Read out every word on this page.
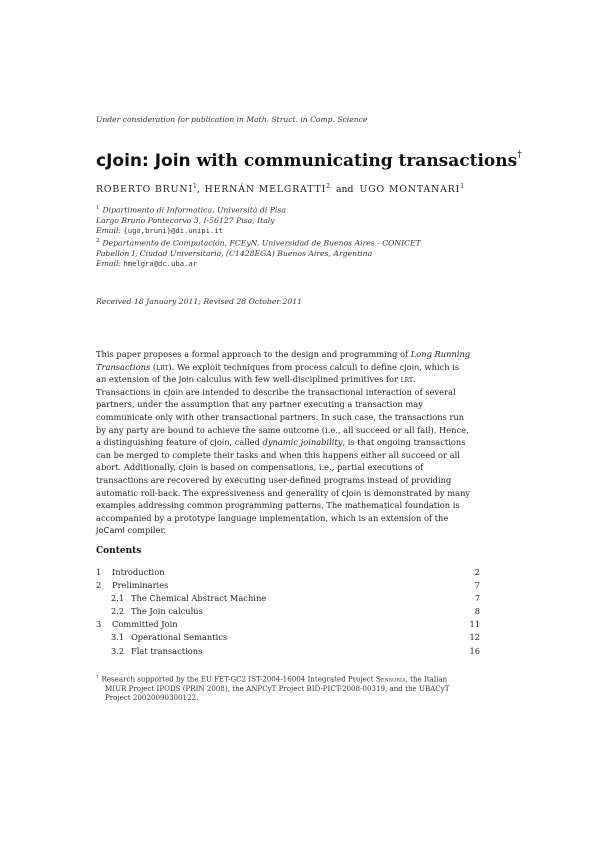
Under consideration for publication in Math. Struct. in Comp. Science
cJoin: Join with communicating transactions†
ROBERTO BRUNI$^1$, HERNÁN MELGRATTI$^2$ and UGO MONTANARI$^1$
$^1$ Dipartimento di Informatica, Università di Pisa
Largo Bruno Pontecorvo 3, I-56127 Pisa, Italy
Email: {ugo,bruni}@di.unipi.it
$^2$ Departamento de Computación, FCEyN, Universidad de Buenos Aires - CONICET
Pabellón I, Ciudad Universitaria, (C1428EGA) Buenos Aires, Argentina
Email: hmelgra@dc.uba.ar
Received 18 January 2011; Revised 28 October 2011
This paper proposes a formal approach to the design and programming of Long Running
Transactions (lrt). We exploit techniques from process calculi to define cJoin, which is
an extension of the Join calculus with few well-disciplined primitives for lrt.
Transactions in cJoin are intended to describe the transactional interaction of several
partners, under the assumption that any partner executing a transaction may
communicate only with other transactional partners. In such case, the transactions run
by any party are bound to achieve the same outcome (i.e., all succeed or all fail). Hence,
a distinguishing feature of cJoin, called dynamic joinability, is that ongoing transactions
can be merged to complete their tasks and when this happens either all succeed or all
abort. Additionally, cJoin is based on compensations, i.e., partial executions of
transactions are recovered by executing user-defined programs instead of providing
automatic roll-back. The expressiveness and generality of cJoin is demonstrated by many
examples addressing common programming patterns. The mathematical foundation is
accompanied by a prototype language implementation, which is an extension of the
JoCaml compiler.
Contents
1	Introduction	2
2	Preliminaries	7
2.1 The Chemical Abstract Machine	7
2.2 The Join calculus	8
3	Committed Join	11
3.1 Operational Semantics	12
3.2 Flat transactions	16
† Research supported by the EU FET-GC2 IST-2004-16004 Integrated Project Sensoria, the Italian
MIUR Project IPODS (PRIN 2008), the ANPCyT Project BID-PICT-2008-00319, and the UBACyT
Project 20020090300122.
